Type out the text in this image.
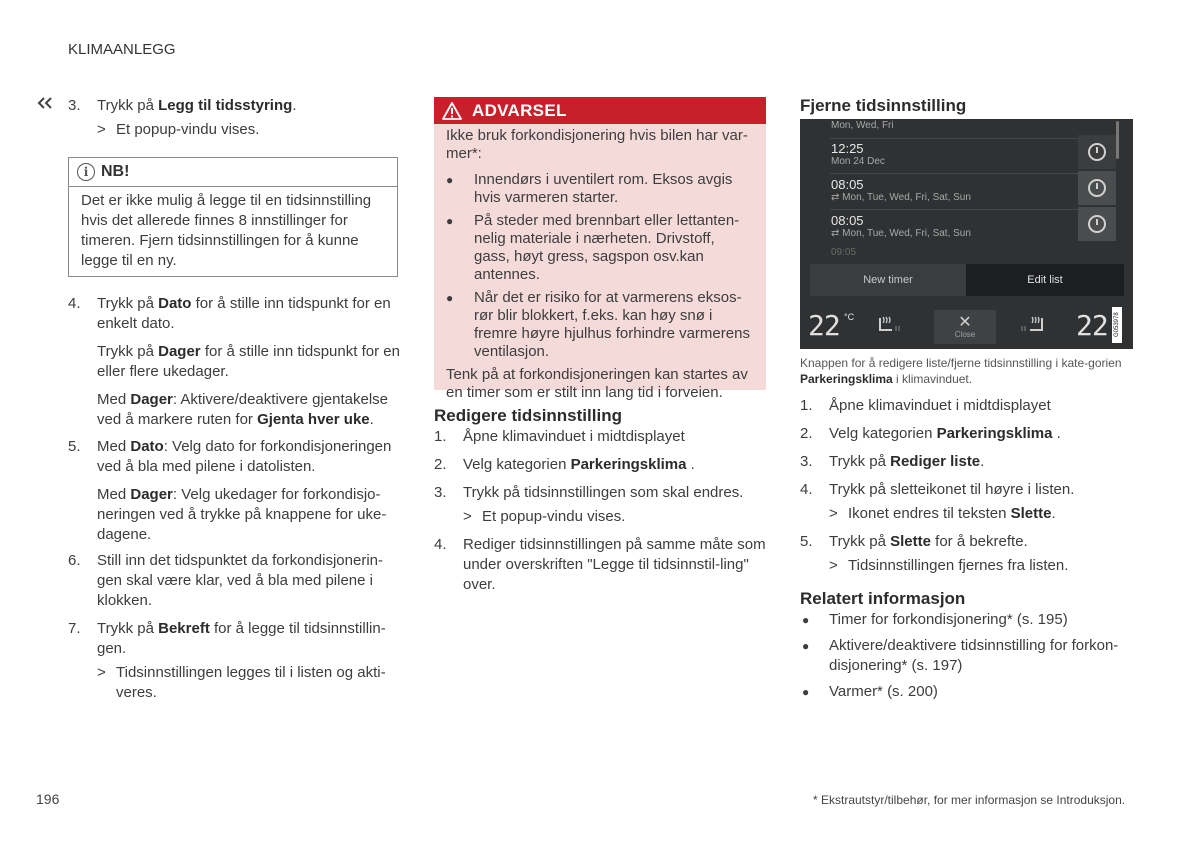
KLIMAANLEGG
3. Trykk på Legg til tidsstyring.
> Et popup-vindu vises.
i NB!
Det er ikke mulig å legge til en tidsinnstilling hvis det allerede finnes 8 innstillinger for timeren. Fjern tidsinnstillingen for å kunne legge til en ny.
4. Trykk på Dato for å stille inn tidspunkt for en enkelt dato.
Trykk på Dager for å stille inn tidspunkt for en eller flere ukedager.
Med Dager: Aktivere/deaktivere gjentakelse ved å markere ruten for Gjenta hver uke.
5. Med Dato: Velg dato for forkondisjoneringen ved å bla med pilene i datolisten.
Med Dager: Velg ukedager for forkondisjo-neringen ved å trykke på knappene for uke-dagene.
6. Still inn det tidspunktet da forkondisjonerin-gen skal være klar, ved å bla med pilene i klokken.
7. Trykk på Bekreft for å legge til tidsinnstillin-gen.
> Tidsinnstillingen legges til i listen og akti-veres.
ADVARSEL
Ikke bruk forkondisjonering hvis bilen har var-mer*:
● Innendørs i uventilert rom. Eksos avgis hvis varmeren starter.
● På steder med brennbart eller lettanten-nelig materiale i nærheten. Drivstoff, gass, høyt gress, sagspon osv.kan antennes.
● Når det er risiko for at varmerens eksos-rør blir blokkert, f.eks. kan høy snø i fremre høyre hjulhus forhindre varmerens ventilasjon.
Tenk på at forkondisjoneringen kan startes av en timer som er stilt inn lang tid i forveien.
Redigere tidsinnstilling
1. Åpne klimavinduet i midtdisplayet
2. Velg kategorien Parkeringsklima .
3. Trykk på tidsinnstillingen som skal endres.
> Et popup-vindu vises.
4. Rediger tidsinnstillingen på samme måte som under overskriften "Legge til tidsinnstil-ling" over.
Fjerne tidsinnstilling
Mon, Wed, Fri
12:25
Mon 24 Dec
08:05
⇄ Mon, Tue, Wed, Fri, Sat, Sun
08:05
⇄ Mon, Tue, Wed, Fri, Sat, Sun
09:05
New timer	Edit list
22 °C	✕
Close	22	G053978
Knappen for å redigere liste/fjerne tidsinnstilling i kate-gorien Parkeringsklima i klimavinduet.
1. Åpne klimavinduet i midtdisplayet
2. Velg kategorien Parkeringsklima .
3. Trykk på Rediger liste.
4. Trykk på sletteikonet til høyre i listen.
> Ikonet endres til teksten Slette.
5. Trykk på Slette for å bekrefte.
> Tidsinnstillingen fjernes fra listen.
Relatert informasjon
● Timer for forkondisjonering* (s. 195)
● Aktivere/deaktivere tidsinnstilling for forkon-disjonering* (s. 197)
● Varmer* (s. 200)
196	* Ekstrautstyr/tilbehør, for mer informasjon se Introduksjon.
